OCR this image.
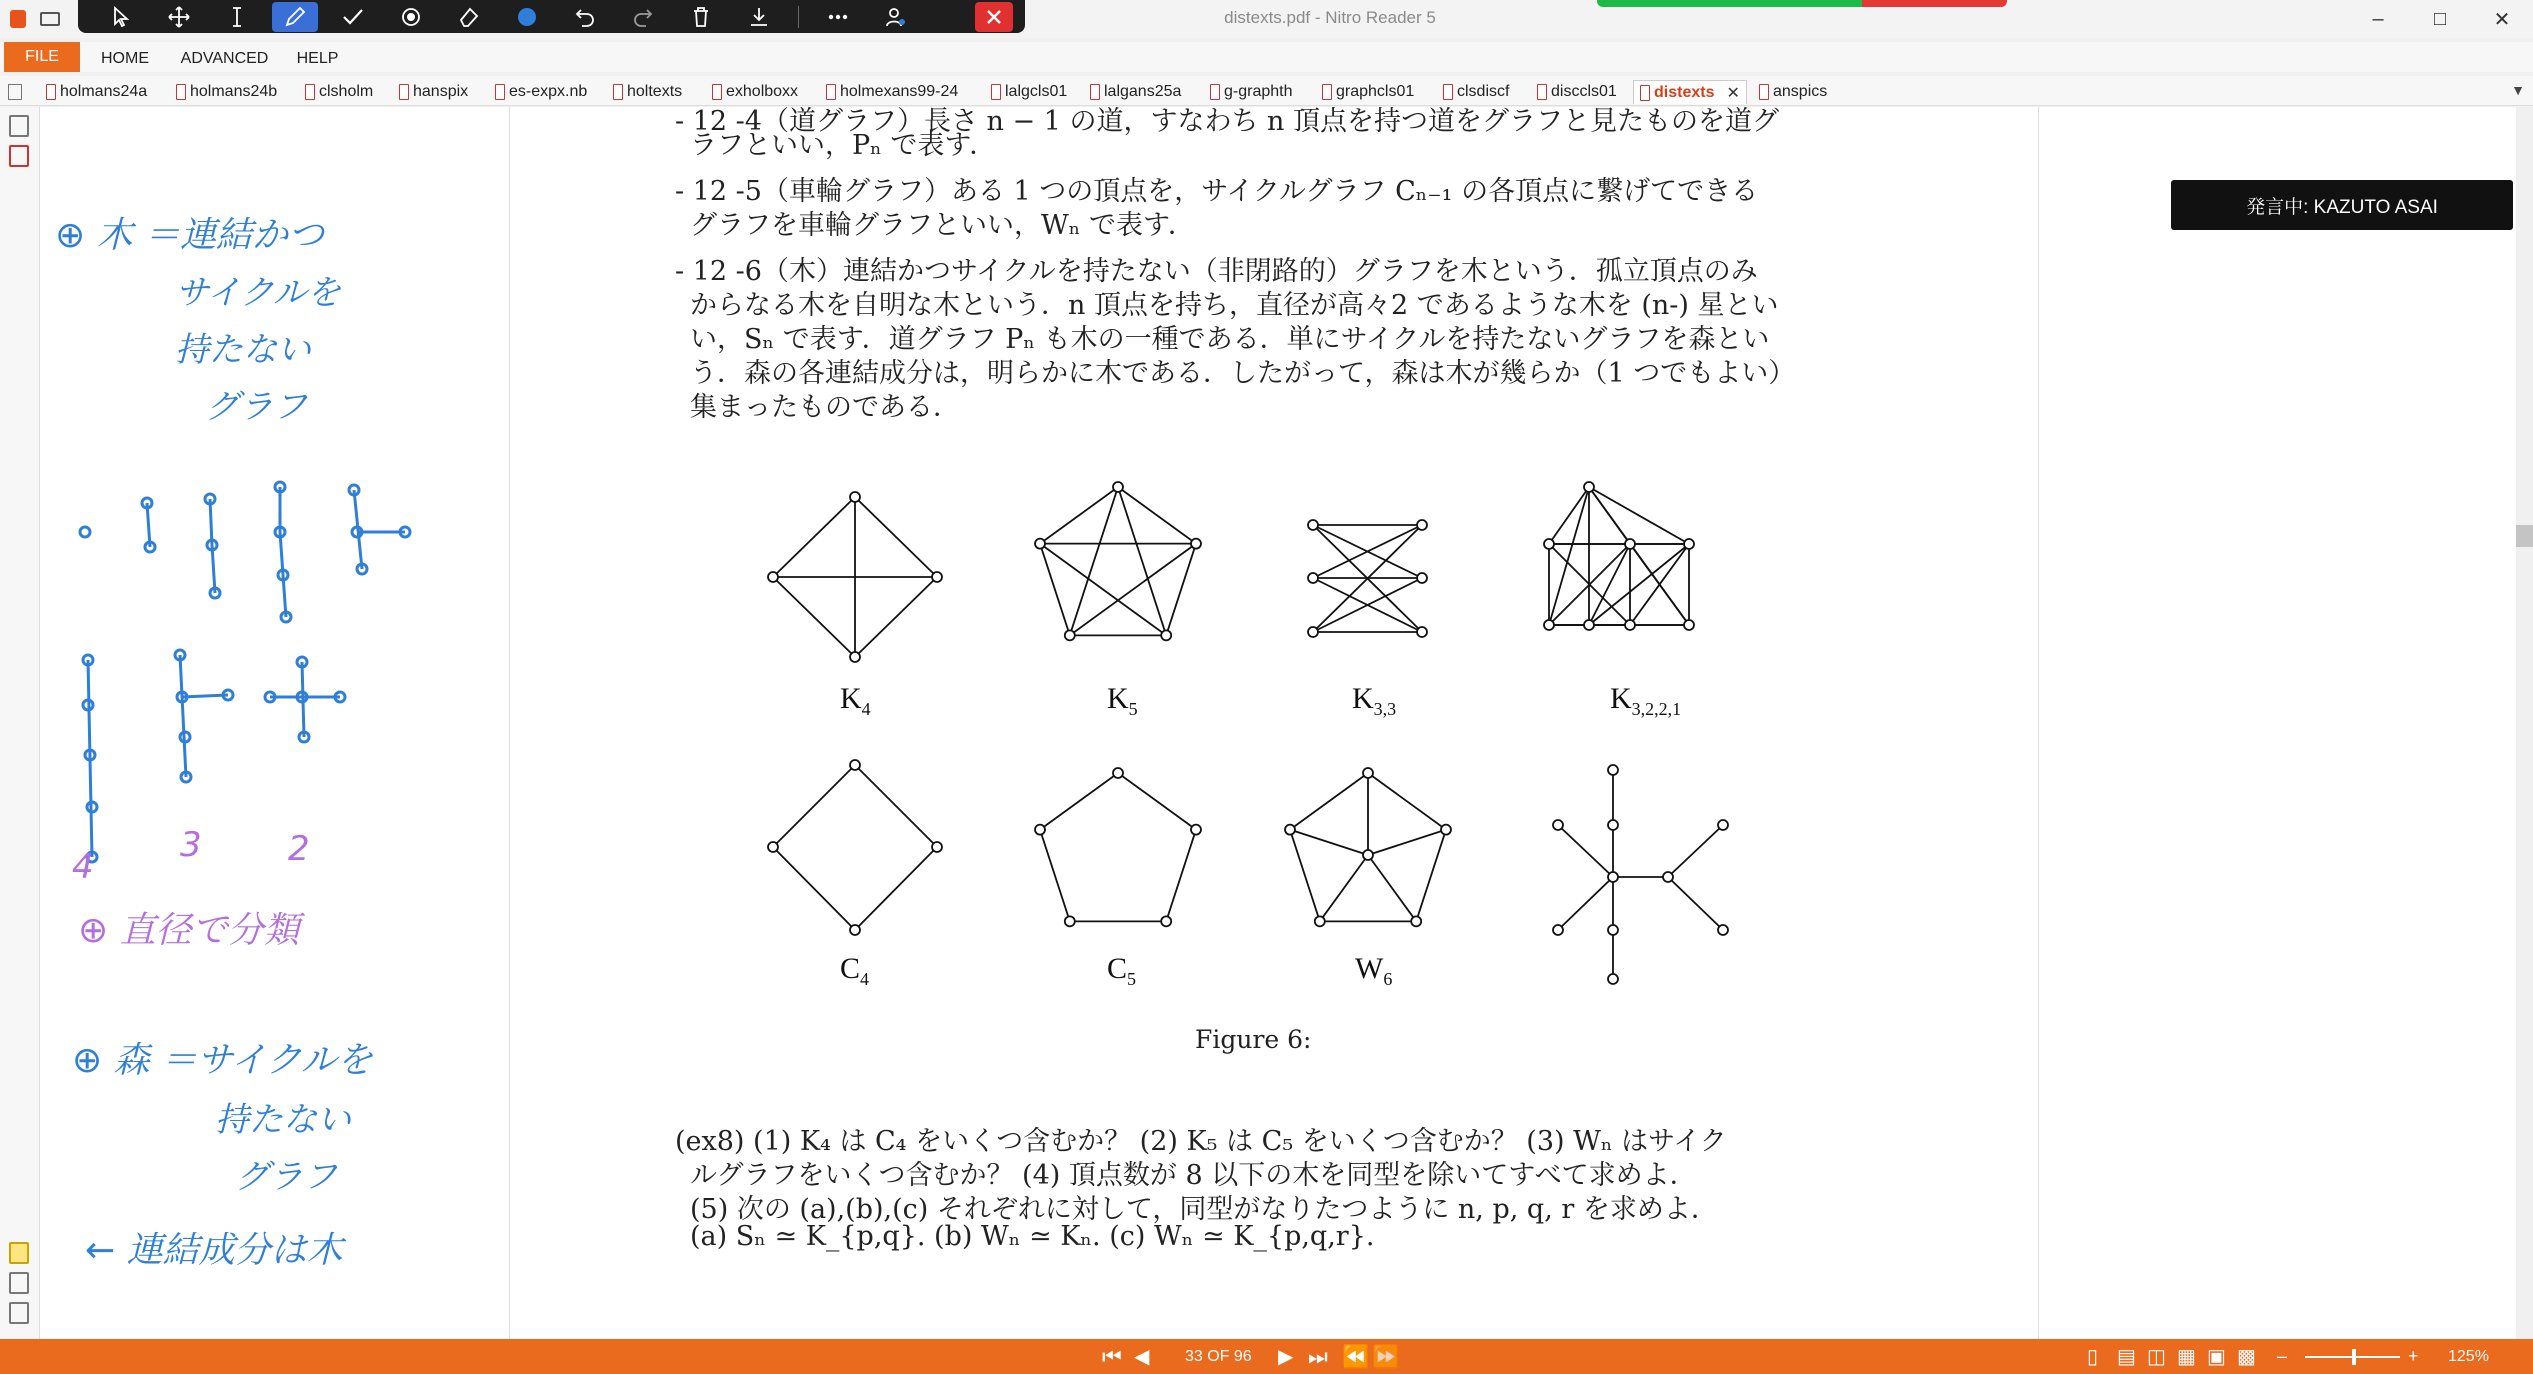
distexts.pdf - Nitro Reader 5	–	□	✕
FILE	HOME	ADVANCED	HELP
holmans24a	holmans24b	clsholm hanspix	es-expx.nb holtexts	exholboxx	holmexans99-24	lalgcls01 lalgans25a	g-graphth	graphcls01	clsdiscf	disccls01 distexts ✕ anspics	▼
⊕ 木 ＝連結かつ
サイクルを
持たない
グラフ
4
3	2
⊕ 直径で分類
⊕ 森 ＝サイクルを
持たない
グラフ
← 連結成分は木
- 12 -4（道グラフ）長さ n − 1 の道，すなわち n 頂点を持つ道をグラフと見たものを道グ
ラフといい，Pₙ で表す．
- 12 -5（車輪グラフ）ある 1 つの頂点を，サイクルグラフ Cₙ₋₁ の各頂点に繋げてできる
グラフを車輪グラフといい，Wₙ で表す．
- 12 -6（木）連結かつサイクルを持たない（非閉路的）グラフを木という．孤立頂点のみ
からなる木を自明な木という．n 頂点を持ち，直径が高々2 であるような木を (n-) 星とい
い，Sₙ で表す．道グラフ Pₙ も木の一種である．単にサイクルを持たないグラフを森とい
う．森の各連結成分は，明らかに木である．したがって，森は木が幾らか（1 つでもよい）
集まったものである．
$K_4$	$K_5$	$K_{3,3}$	$K_{3,2,2,1}$
$C_4$	$C_5$	$W_6$
Figure 6:
(ex8) (1) K₄ は C₄ をいくつ含むか？ (2) K₅ は C₅ をいくつ含むか？ (3) Wₙ はサイク
ルグラフをいくつ含むか？ (4) 頂点数が 8 以下の木を同型を除いてすべて求めよ．
(5) 次の (a),(b),(c) それぞれに対して，同型がなりたつように n, p, q, r を求めよ．
(a) Sₙ ≃ K_{p,q}. (b) Wₙ ≃ Kₙ. (c) Wₙ ≃ K_{p,q,r}.
発言中: KAZUTO ASAI
⏮ ◀ 33 OF 96 ▶ ⏭ ⏪ ⏩	▯ ▤ ◫ ▦ ▣ ▩ –	+ 125%
